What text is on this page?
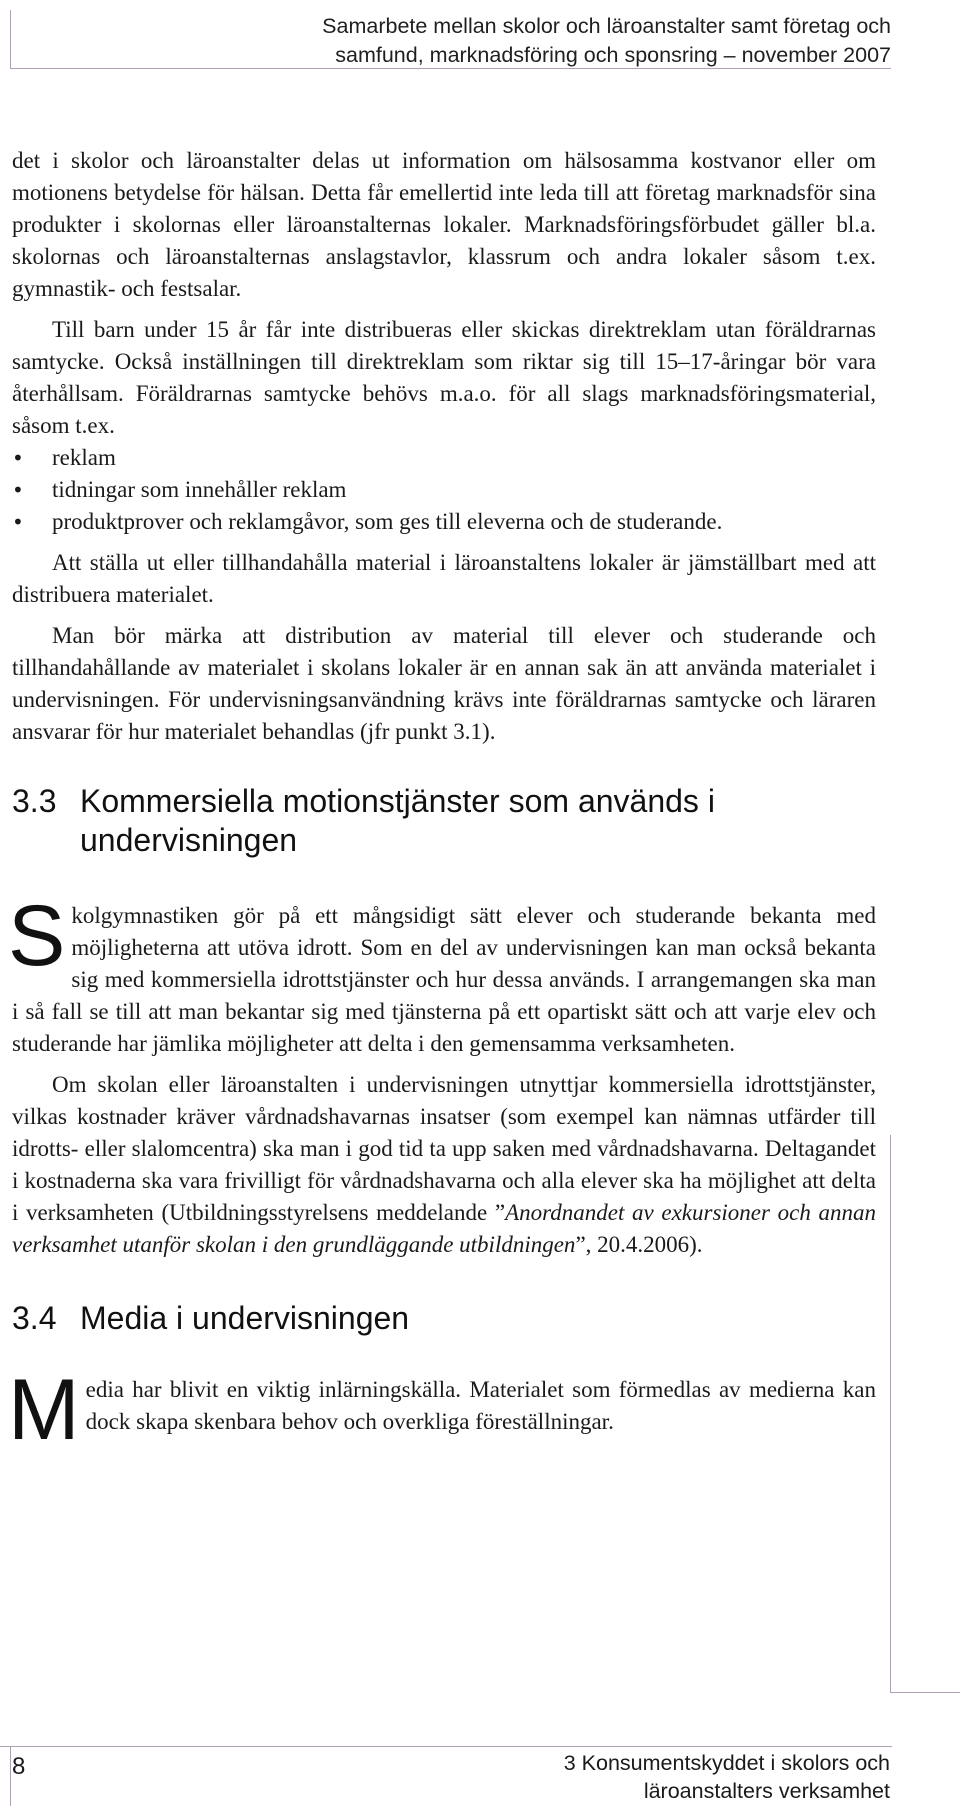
Samarbete mellan skolor och läroanstalter samt företag och
samfund, marknadsföring och sponsring – november 2007

det i skolor och läroanstalter delas ut information om hälsosamma kostvanor eller om motionens betydelse för hälsan. Detta får emellertid inte leda till att företag marknadsför sina produkter i skolornas eller läroanstalternas lokaler. Marknadsföringsförbudet gäller bl.a. skolornas och läroanstalternas anslagstavlor, klassrum och andra lokaler såsom t.ex. gymnastik- och festsalar.

Till barn under 15 år får inte distribueras eller skickas direktreklam utan föräldrarnas samtycke. Också inställningen till direktreklam som riktar sig till 15–17-åringar bör vara återhållsam. Föräldrarnas samtycke behövs m.a.o. för all slags marknadsföringsmaterial, såsom t.ex.

•	reklam
•	tidningar som innehåller reklam
•	produktprover och reklamgåvor, som ges till eleverna och de studerande.

Att ställa ut eller tillhandahålla material i läroanstaltens lokaler är jämställbart med att distribuera materialet.

Man bör märka att distribution av material till elever och studerande och tillhandahållande av materialet i skolans lokaler är en annan sak än att använda materialet i undervisningen. För undervisningsanvändning krävs inte föräldrarnas samtycke och läraren ansvarar för hur materialet behandlas (jfr punkt 3.1).

3.3 Kommersiella motionstjänster som används i undervisningen

Skolgymnastiken gör på ett mångsidigt sätt elever och studerande bekanta med möjligheterna att utöva idrott. Som en del av undervisningen kan man också bekanta sig med kommersiella idrottstjänster och hur dessa används. I arrangemangen ska man i så fall se till att man bekantar sig med tjänsterna på ett opartiskt sätt och att varje elev och studerande har jämlika möjligheter att delta i den gemensamma verksamheten.

Om skolan eller läroanstalten i undervisningen utnyttjar kommersiella idrottstjänster, vilkas kostnader kräver vårdnadshavarnas insatser (som exempel kan nämnas utfärder till idrotts- eller slalomcentra) ska man i god tid ta upp saken med vårdnadshavarna. Deltagandet i kostnaderna ska vara frivilligt för vårdnadshavarna och alla elever ska ha möjlighet att delta i verksamheten (Utbildningsstyrelsens meddelande ”Anordnandet av exkursioner och annan verksamhet utanför skolan i den grundläggande utbildningen”, 20.4.2006).

3.4 Media i undervisningen

Media har blivit en viktig inlärningskälla. Materialet som förmedlas av medierna kan dock skapa skenbara behov och overkliga föreställningar.

8	3 Konsumentskyddet i skolors och
läroanstalters verksamhet
